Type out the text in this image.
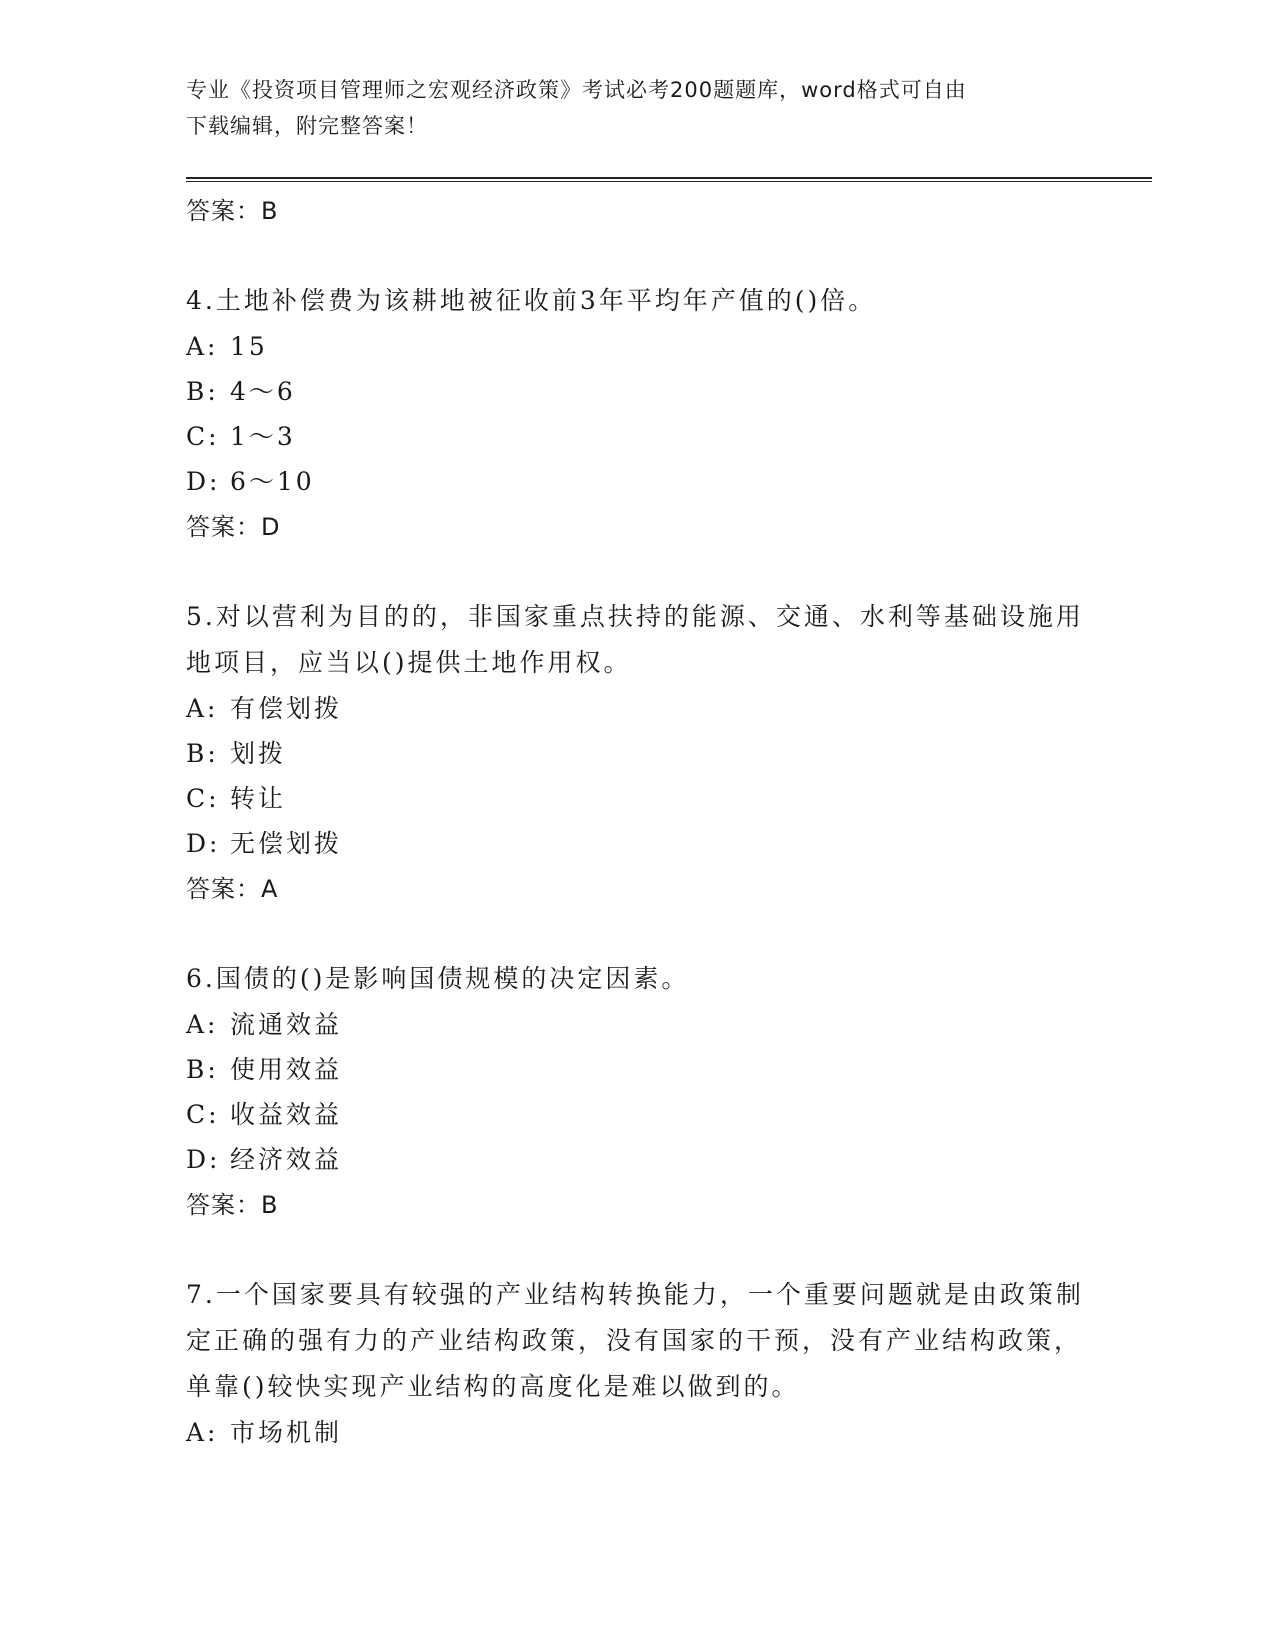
专业《投资项目管理师之宏观经济政策》考试必考200题题库，word格式可自由
下载编辑，附完整答案！
答案：B
4.土地补偿费为该耕地被征收前3年平均年产值的()倍。
A: 15
B: 4～6
C: 1～3
D: 6～10
答案：D
5.对以营利为目的的，非国家重点扶持的能源、交通、水利等基础设施用地项目，应当以()提供土地作用权。
A: 有偿划拨
B: 划拨
C: 转让
D: 无偿划拨
答案：A
6.国债的()是影响国债规模的决定因素。
A: 流通效益
B: 使用效益
C: 收益效益
D: 经济效益
答案：B
7.一个国家要具有较强的产业结构转换能力，一个重要问题就是由政策制定正确的强有力的产业结构政策，没有国家的干预，没有产业结构政策，单靠()较快实现产业结构的高度化是难以做到的。
A: 市场机制
